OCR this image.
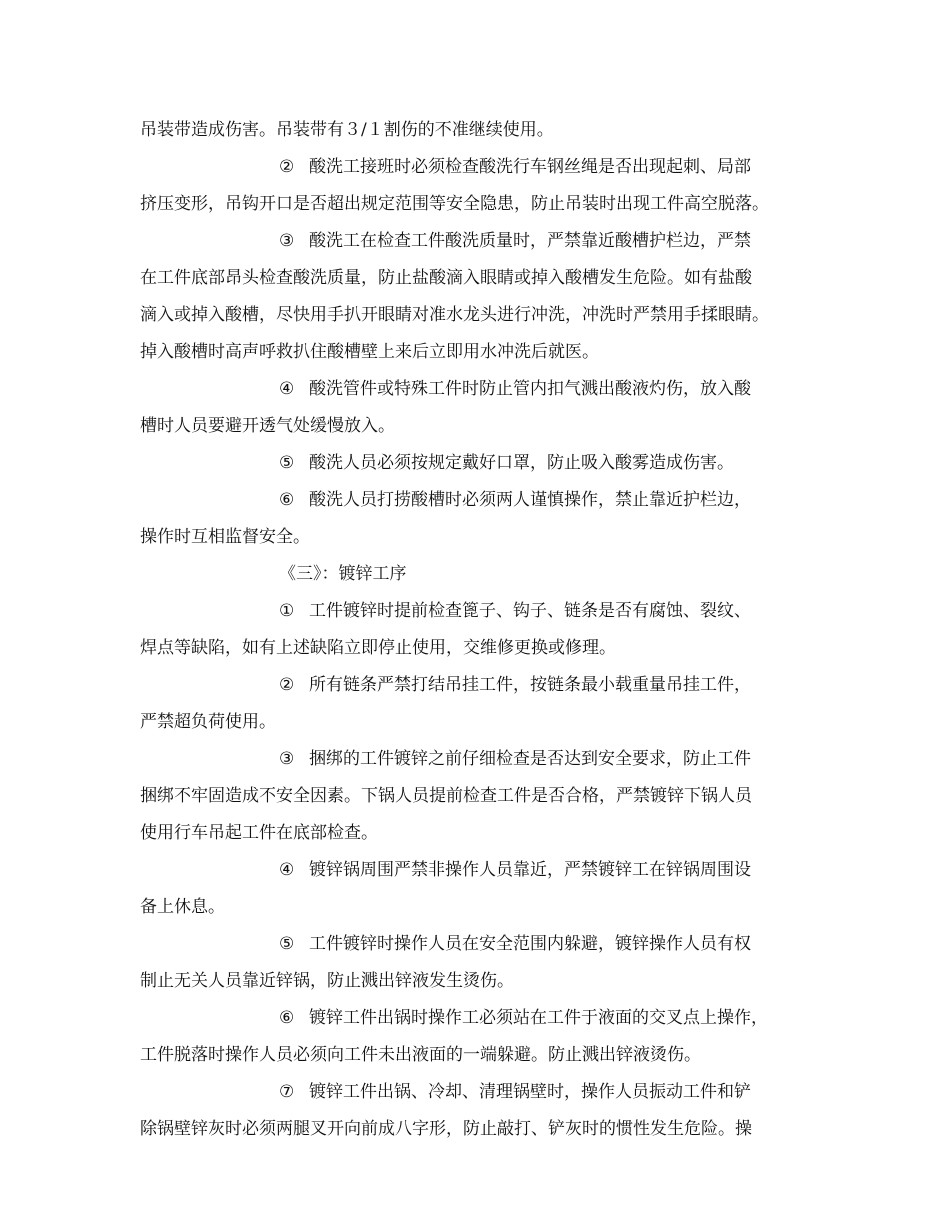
吊装带造成伤害。吊装带有３/１割伤的不准继续使用。
② 酸洗工接班时必须检查酸洗行车钢丝绳是否出现起刺、局部
挤压变形，吊钩开口是否超出规定范围等安全隐患，防止吊装时出现工件高空脱落。
③ 酸洗工在检查工件酸洗质量时，严禁靠近酸槽护栏边，严禁
在工件底部昂头检查酸洗质量，防止盐酸滴入眼睛或掉入酸槽发生危险。如有盐酸
滴入或掉入酸槽，尽快用手扒开眼睛对准水龙头进行冲洗，冲洗时严禁用手揉眼睛。
掉入酸槽时高声呼救扒住酸槽壁上来后立即用水冲洗后就医。
④ 酸洗管件或特殊工件时防止管内扣气溅出酸液灼伤，放入酸
槽时人员要避开透气处缓慢放入。
⑤ 酸洗人员必须按规定戴好口罩，防止吸入酸雾造成伤害。
⑥ 酸洗人员打捞酸槽时必须两人谨慎操作，禁止靠近护栏边，
操作时互相监督安全。
《三》：镀锌工序
① 工件镀锌时提前检查篦子、钩子、链条是否有腐蚀、裂纹、
焊点等缺陷，如有上述缺陷立即停止使用，交维修更换或修理。
② 所有链条严禁打结吊挂工件，按链条最小载重量吊挂工件，
严禁超负荷使用。
③ 捆绑的工件镀锌之前仔细检查是否达到安全要求，防止工件
捆绑不牢固造成不安全因素。下锅人员提前检查工件是否合格，严禁镀锌下锅人员
使用行车吊起工件在底部检查。
④ 镀锌锅周围严禁非操作人员靠近，严禁镀锌工在锌锅周围设
备上休息。
⑤ 工件镀锌时操作人员在安全范围内躲避，镀锌操作人员有权
制止无关人员靠近锌锅，防止溅出锌液发生烫伤。
⑥ 镀锌工件出锅时操作工必须站在工件于液面的交叉点上操作，
工件脱落时操作人员必须向工件未出液面的一端躲避。防止溅出锌液烫伤。
⑦ 镀锌工件出锅、冷却、清理锅壁时，操作人员振动工件和铲
除锅壁锌灰时必须两腿叉开向前成八字形，防止敲打、铲灰时的惯性发生危险。操
